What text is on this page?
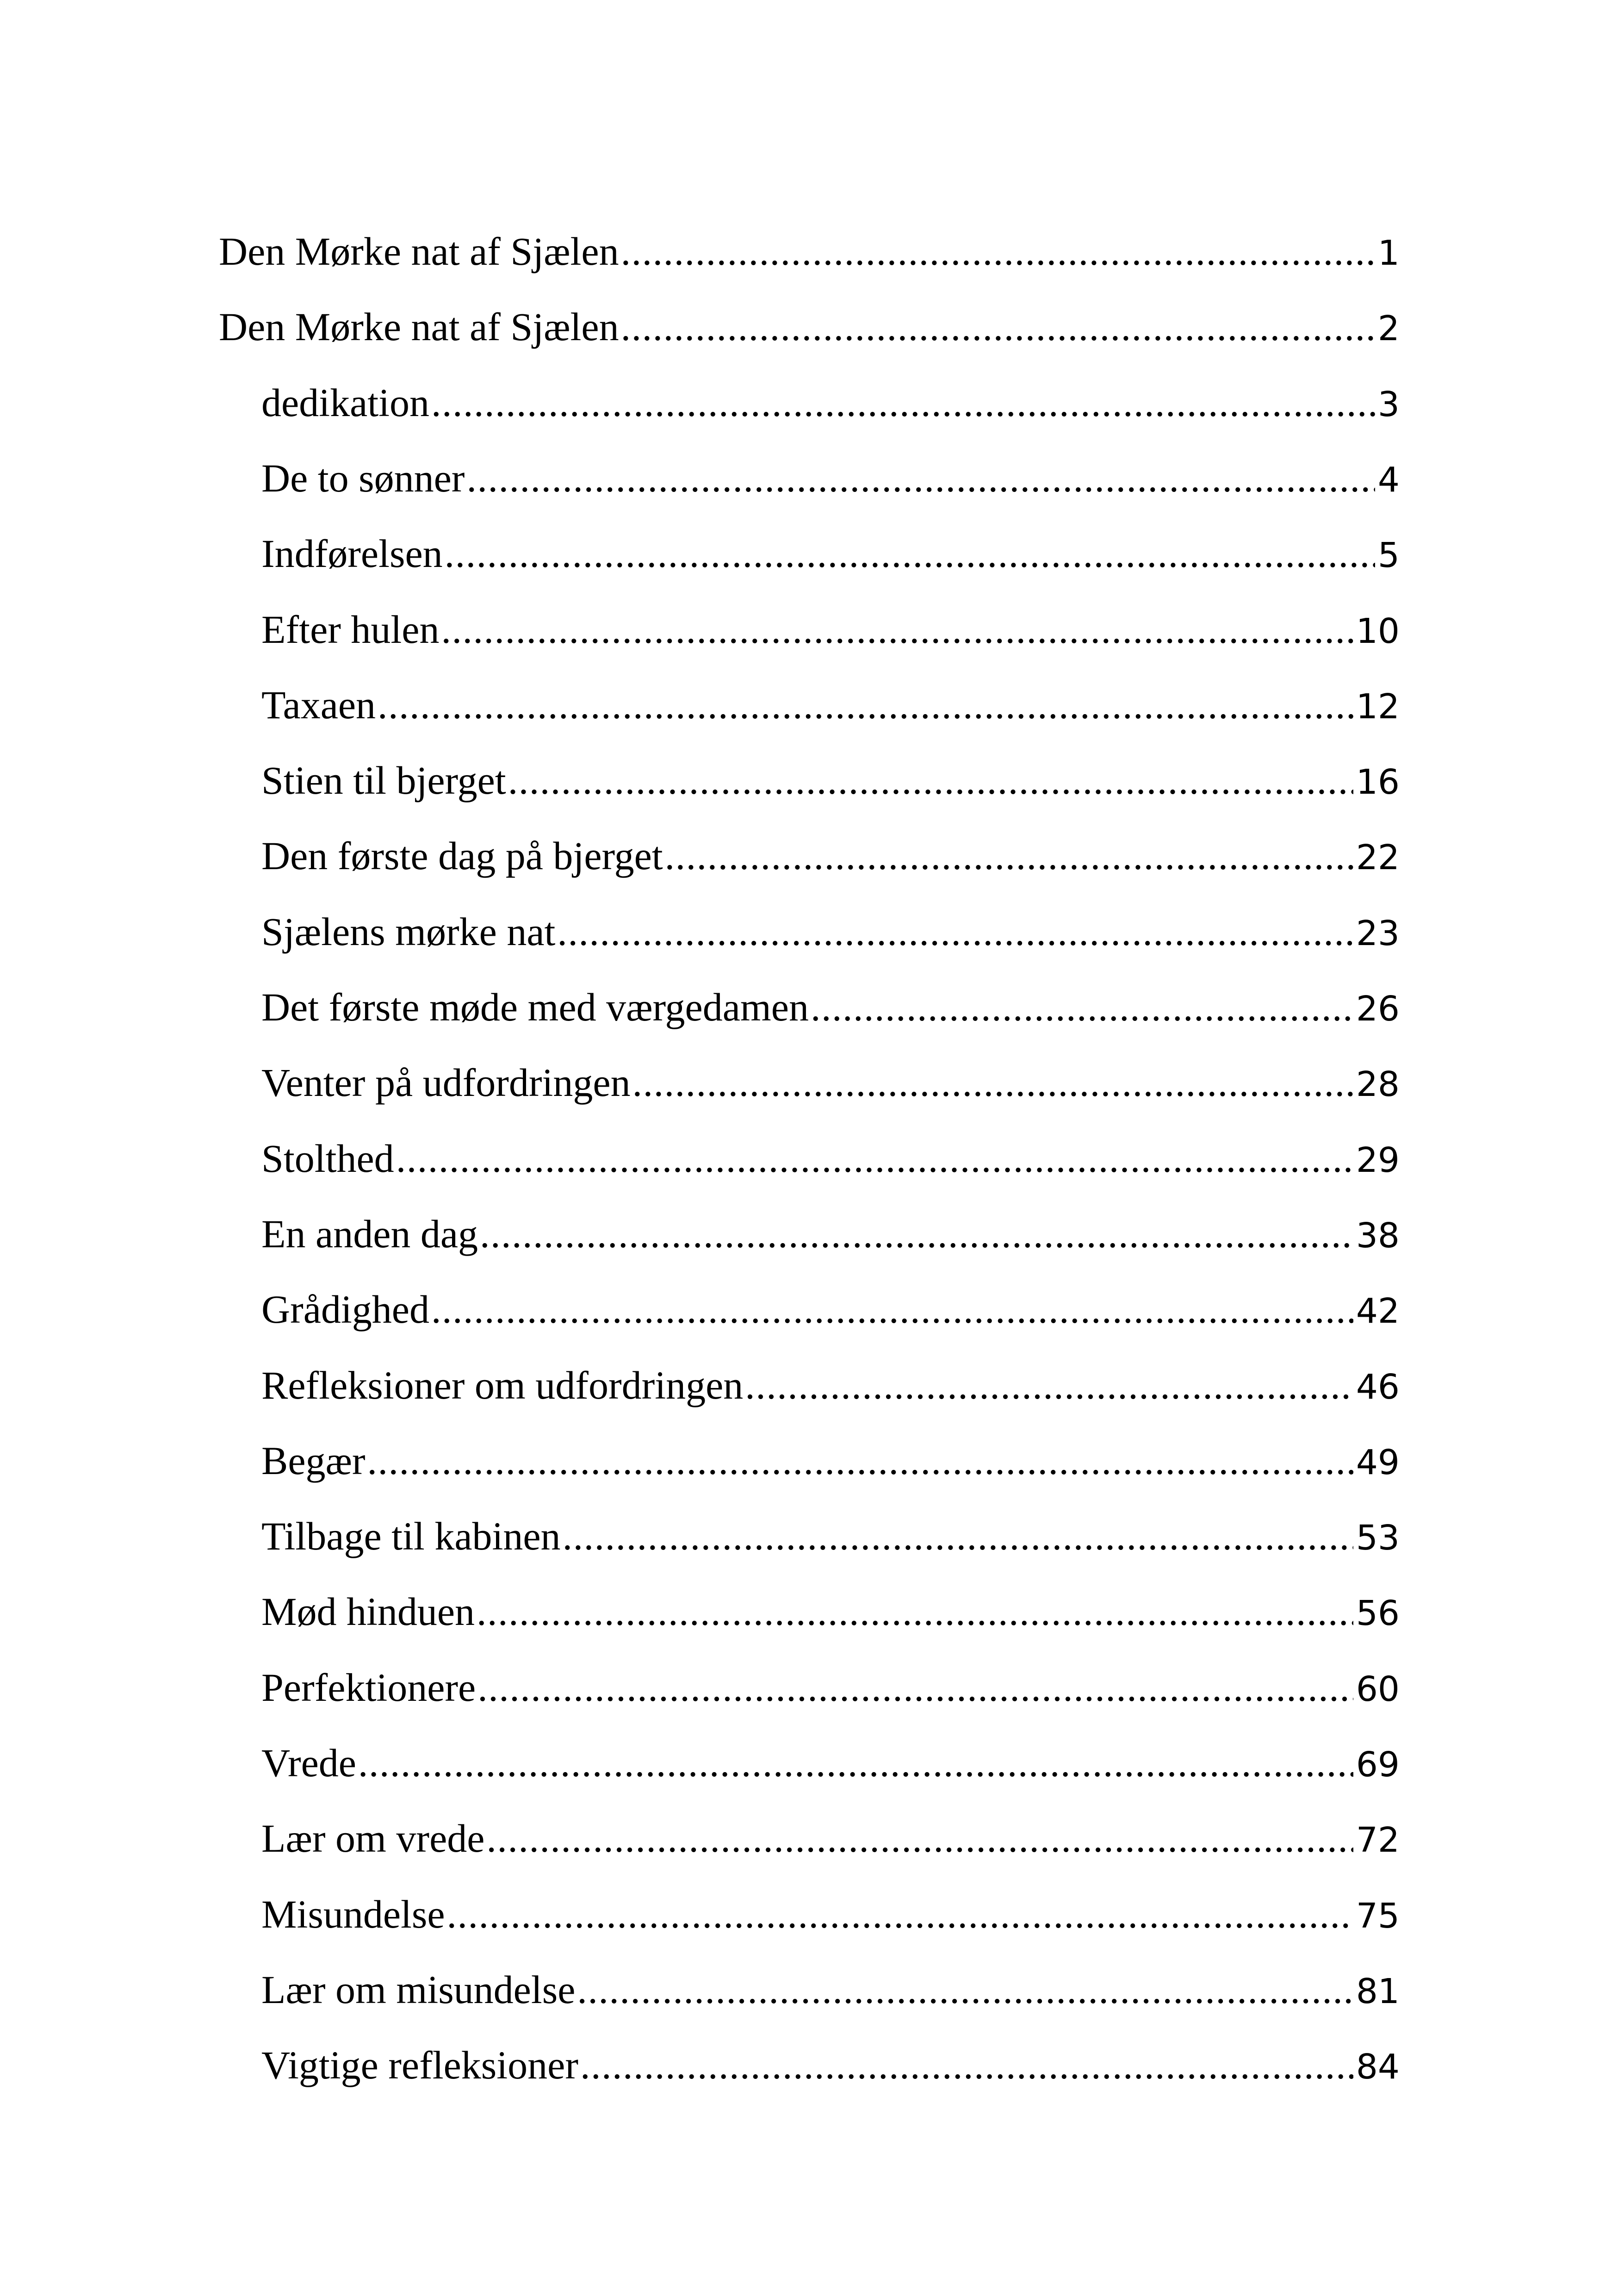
Den Mørke nat af Sjælen . . .	1
Den Mørke nat af Sjælen . . .	2
dedikation . . .	3
De to sønner . . .	4
Indførelsen . . .	5
Efter hulen . . .	10
Taxaen . . .	12
Stien til bjerget . . .	16
Den første dag på bjerget . . .	22
Sjælens mørke nat . . .	23
Det første møde med værgedamen . . .	26
Venter på udfordringen . . .	28
Stolthed . . .	29
En anden dag . . .	38
Grådighed . . .	42
Refleksioner om udfordringen . . .	46
Begær . . .	49
Tilbage til kabinen . . .	53
Mød hinduen . . .	56
Perfektionere . . .	60
Vrede . . .	69
Lær om vrede . . .	72
Misundelse . . .	75
Lær om misundelse . . .	81
Vigtige refleksioner . . .	84
